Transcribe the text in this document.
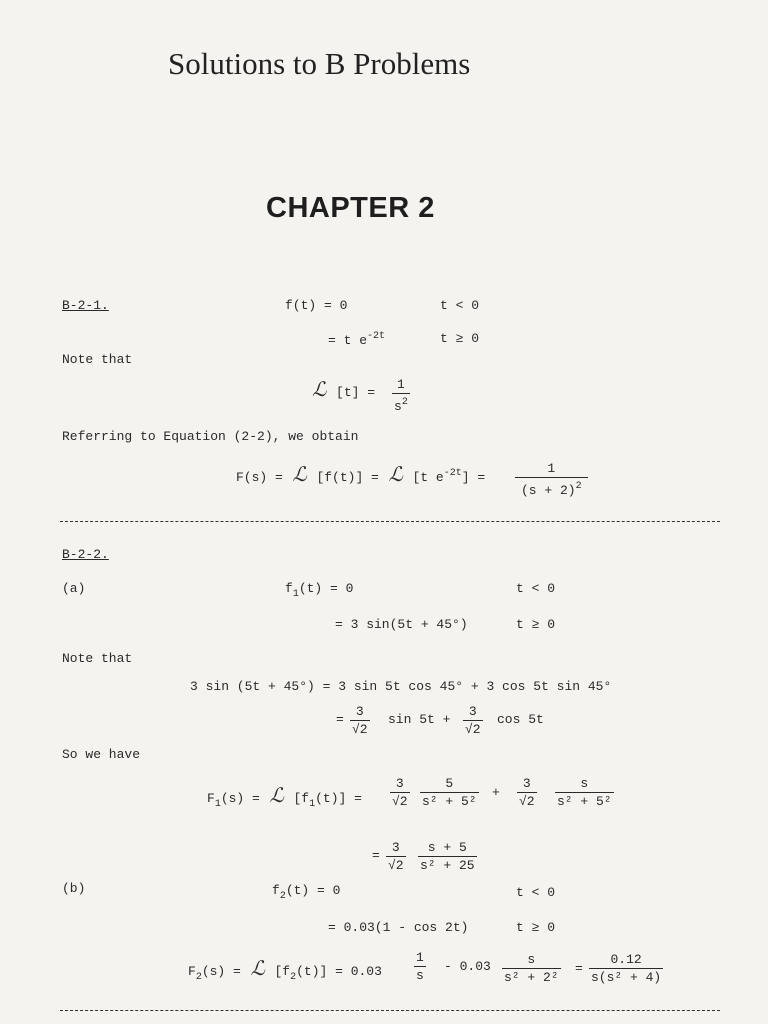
Solutions to B Problems
CHAPTER 2
B-2-1.	f(t) = 0	t < 0
= t $e^{-2t}$	t ≥ 0
Note that
ℒ $[t] = \frac{1}{s^2}$
Referring to Equation (2-2), we obtain
F(s) = ℒ [f(t)] = ℒ [t $e^{-2t}] = \frac{1}{(s + 2)^2}$
B-2-2.
(a)	$f_1(t) = 0$	t < 0
= 3 sin(5t + 45°)	t ≥ 0
Note that
3 sin (5t + 45°) = 3 sin 5t cos 45° + 3 cos 5t sin 45°
= $\frac{3}{√2}$ $\sin 5t + \frac{3}{√2}$ cos 5t
So we have
$F_1(s)$ = ℒ $[f_1(t)] = \frac{3}{√2} \frac{5}{\text{s² + 5²}} + \frac{3}{√2} \frac{s}{\text{s² + 5²}}$
= $\frac{3}{√2} \frac{s + 5}{\text{s² + 25}}$
(b)	$f_2(t) = 0$	t < 0
= 0.03(1 - cos 2t)	t ≥ 0
$F_2(s)$ = ℒ $[f_2(t)] = 0.03 \frac{1}{s} - 0.03 \frac{s}{\text{s² + 2²}} = \frac{0.12}{\text{s(s² + 4)}}$
